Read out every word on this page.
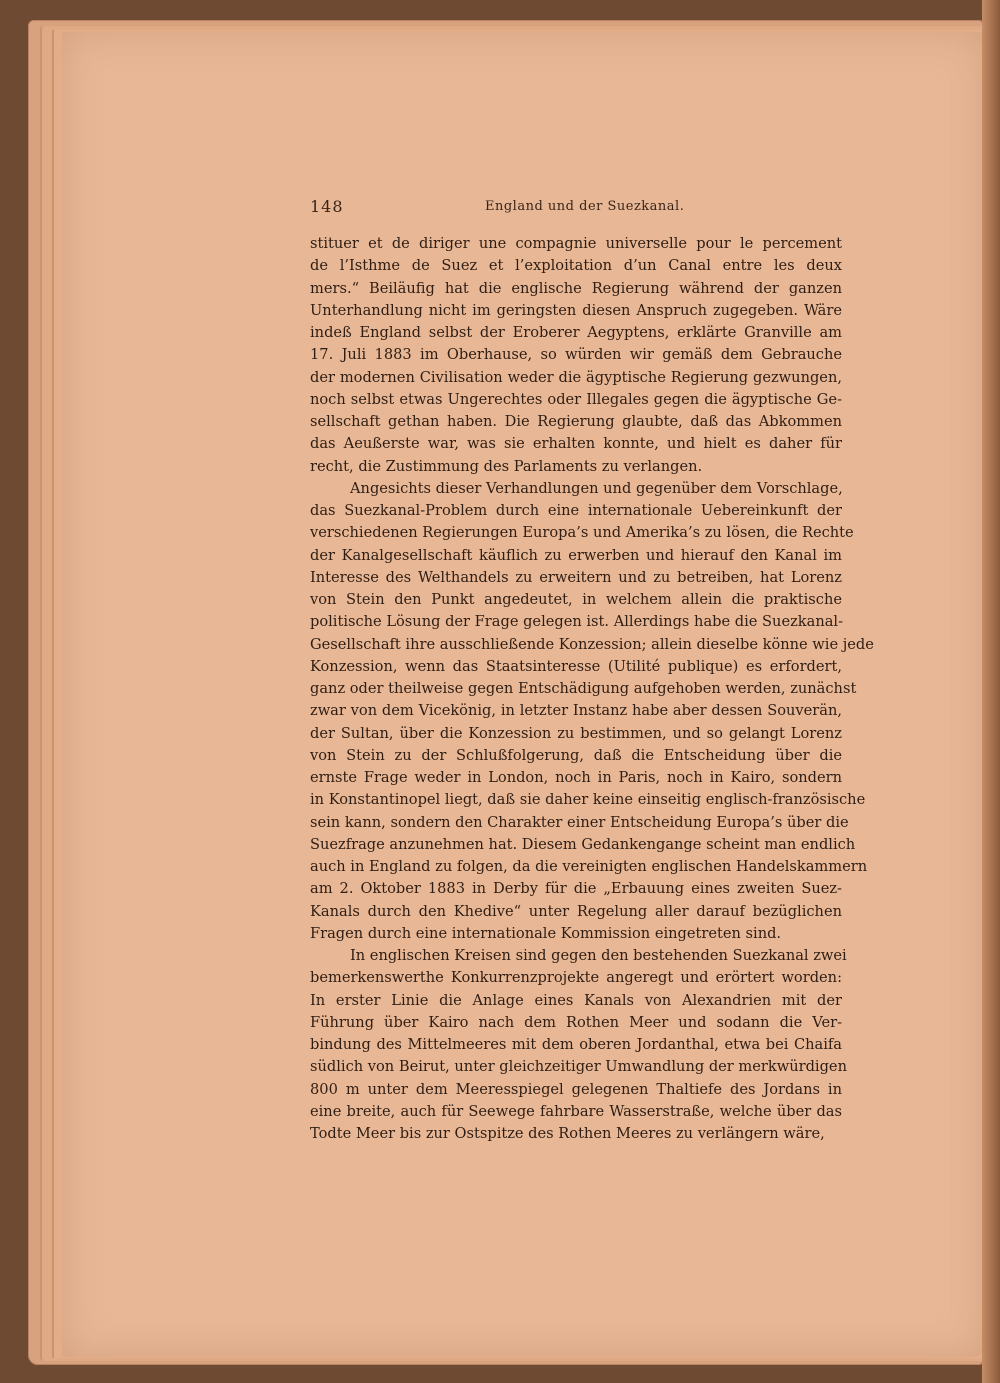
148	England und der Suezkanal.
stituer et de diriger une compagnie universelle pour le percement
de l’Isthme de Suez et l’exploitation d’un Canal entre les deux
mers.“ Beiläufig hat die englische Regierung während der ganzen
Unterhandlung nicht im geringsten diesen Anspruch zugegeben. Wäre
indeß England selbst der Eroberer Aegyptens, erklärte Granville am
17. Juli 1883 im Oberhause, so würden wir gemäß dem Gebrauche
der modernen Civilisation weder die ägyptische Regierung gezwungen,
noch selbst etwas Ungerechtes oder Illegales gegen die ägyptische Ge-
sellschaft gethan haben. Die Regierung glaubte, daß das Abkommen
das Aeußerste war, was sie erhalten konnte, und hielt es daher für
recht, die Zustimmung des Parlaments zu verlangen.
Angesichts dieser Verhandlungen und gegenüber dem Vorschlage,
das Suezkanal-Problem durch eine internationale Uebereinkunft der
verschiedenen Regierungen Europa’s und Amerika’s zu lösen, die Rechte
der Kanalgesellschaft käuflich zu erwerben und hierauf den Kanal im
Interesse des Welthandels zu erweitern und zu betreiben, hat Lorenz
von Stein den Punkt angedeutet, in welchem allein die praktische
politische Lösung der Frage gelegen ist. Allerdings habe die Suezkanal-
Gesellschaft ihre ausschließende Konzession; allein dieselbe könne wie jede
Konzession, wenn das Staatsinteresse (Utilité publique) es erfordert,
ganz oder theilweise gegen Entschädigung aufgehoben werden, zunächst
zwar von dem Vicekönig, in letzter Instanz habe aber dessen Souverän,
der Sultan, über die Konzession zu bestimmen, und so gelangt Lorenz
von Stein zu der Schlußfolgerung, daß die Entscheidung über die
ernste Frage weder in London, noch in Paris, noch in Kairo, sondern
in Konstantinopel liegt, daß sie daher keine einseitig englisch-französische
sein kann, sondern den Charakter einer Entscheidung Europa’s über die
Suezfrage anzunehmen hat. Diesem Gedankengange scheint man endlich
auch in England zu folgen, da die vereinigten englischen Handelskammern
am 2. Oktober 1883 in Derby für die „Erbauung eines zweiten Suez-
Kanals durch den Khedive“ unter Regelung aller darauf bezüglichen
Fragen durch eine internationale Kommission eingetreten sind.
In englischen Kreisen sind gegen den bestehenden Suezkanal zwei
bemerkenswerthe Konkurrenzprojekte angeregt und erörtert worden:
In erster Linie die Anlage eines Kanals von Alexandrien mit der
Führung über Kairo nach dem Rothen Meer und sodann die Ver-
bindung des Mittelmeeres mit dem oberen Jordanthal, etwa bei Chaifa
südlich von Beirut, unter gleichzeitiger Umwandlung der merkwürdigen
800 m unter dem Meeresspiegel gelegenen Thaltiefe des Jordans in
eine breite, auch für Seewege fahrbare Wasserstraße, welche über das
Todte Meer bis zur Ostspitze des Rothen Meeres zu verlängern wäre,
